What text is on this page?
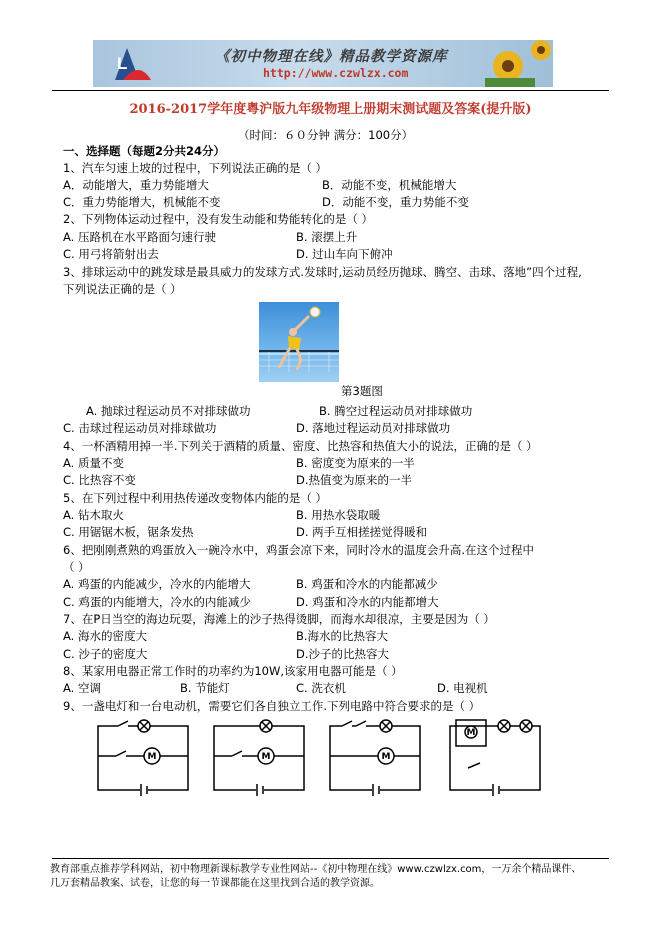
L	《初中物理在线》精品教学资源库
http://www.czwlzx.com
2016-2017学年度粤沪版九年级物理上册期末测试题及答案(提升版)
（时间：６０分钟 满分：100分）
一、选择题（每题2分共24分）
1、汽车匀速上坡的过程中，下列说法正确的是（ ）
A．动能增大，重力势能增大	B．动能不变，机械能增大
C．重力势能增大，机械能不变	D．动能不变，重力势能不变
2、下列物体运动过程中，没有发生动能和势能转化的是（ ）
A. 压路机在水平路面匀速行驶	B. 滚摆上升
C. 用弓将箭射出去	D. 过山车向下俯冲
3、排球运动中的跳发球是最具威力的发球方式.发球时,运动员经历抛球、腾空、击球、落地”四个过程,
下列说法正确的是（ ）
第3题图
A. 抛球过程运动员不对排球做功	B. 腾空过程运动员对排球做功
C. 击球过程运动员对排球做功	D. 落地过程运动员对排球做功
4、一杯酒精用掉一半.下列关于酒精的质量、密度、比热容和热值大小的说法，正确的是（ ）
A. 质量不变	B. 密度变为原来的一半
C. 比热容不变	D.热值变为原来的一半
5、在下列过程中利用热传递改变物体内能的是（ ）
A. 钻木取火	B. 用热水袋取暖
C. 用锯锯木板，锯条发热	D. 两手互相搓搓觉得暖和
6、把刚刚煮熟的鸡蛋放入一碗冷水中，鸡蛋会凉下来，同时冷水的温度会升高.在这个过程中
（ ）
A. 鸡蛋的内能减少，冷水的内能增大	B. 鸡蛋和冷水的内能都减少
C. 鸡蛋的内能增大，冷水的内能减少	D. 鸡蛋和冷水的内能都增大
7、在P日当空的海边玩耍，海滩上的沙子热得烫脚，而海水却很凉，主要是因为（ ）
A. 海水的密度大	B.海水的比热容大
C. 沙子的密度大	D.沙子的比热容大
8、某家用电器正常工作时的功率约为10W,该家用电器可能是（ ）
A. 空调	B. 节能灯	C. 洗衣机	D. 电视机
9、一盏电灯和一台电动机，需要它们各自独立工作.下列电路中符合要求的是（ ）
M	M	M
M
教育部重点推荐学科网站，初中物理新课标教学专业性网站--《初中物理在线》www.czwlzx.com，一万余个精品课件、
几万套精品教案、试卷，让您的每一节课都能在这里找到合适的教学资源。
